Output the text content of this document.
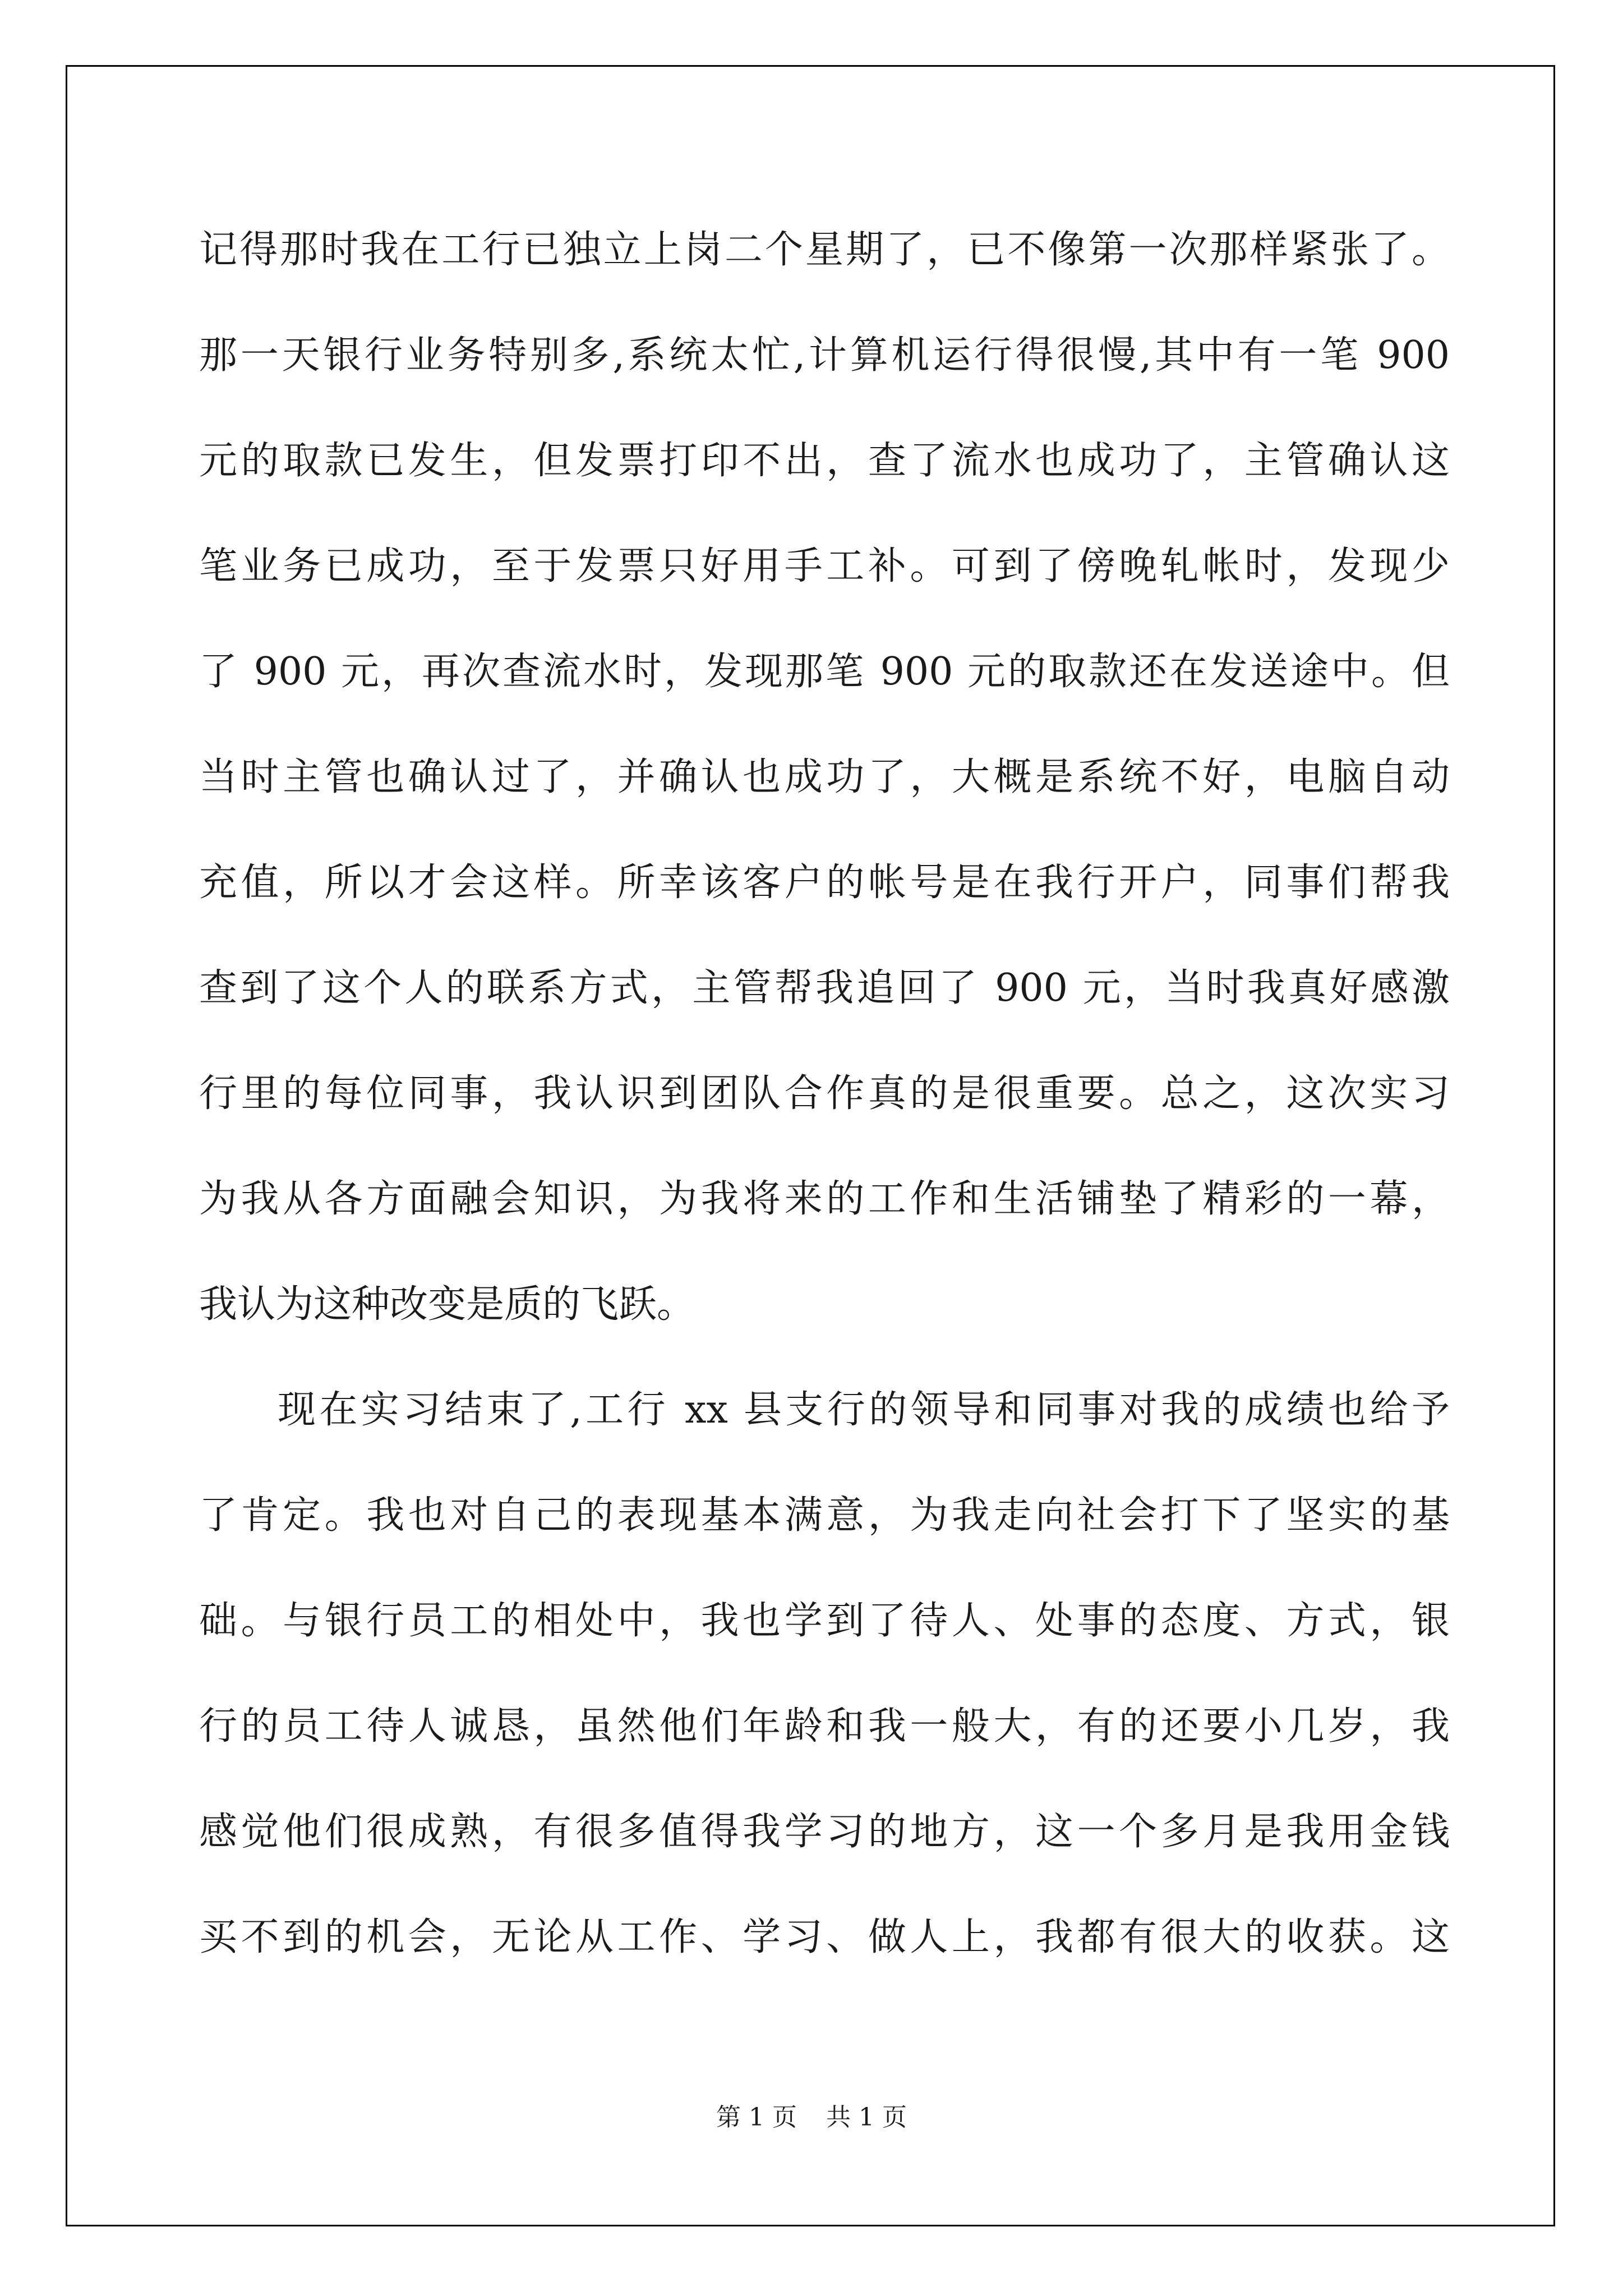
记得那时我在工行已独立上岗二个星期了，已不像第一次那样紧张了。
那一天银行业务特别多,系统太忙,计算机运行得很慢,其中有一笔 900
元的取款已发生，但发票打印不出，查了流水也成功了，主管确认这
笔业务已成功，至于发票只好用手工补。可到了傍晚轧帐时，发现少
了 900 元，再次查流水时，发现那笔 900 元的取款还在发送途中。但
当时主管也确认过了，并确认也成功了，大概是系统不好，电脑自动
充值，所以才会这样。所幸该客户的帐号是在我行开户，同事们帮我
查到了这个人的联系方式，主管帮我追回了 900 元，当时我真好感激
行里的每位同事，我认识到团队合作真的是很重要。总之，这次实习
为我从各方面融会知识，为我将来的工作和生活铺垫了精彩的一幕，
我认为这种改变是质的飞跃。
现在实习结束了,工行 xx 县支行的领导和同事对我的成绩也给予
了肯定。我也对自己的表现基本满意，为我走向社会打下了坚实的基
础。与银行员工的相处中，我也学到了待人、处事的态度、方式，银
行的员工待人诚恳，虽然他们年龄和我一般大，有的还要小几岁，我
感觉他们很成熟，有很多值得我学习的地方，这一个多月是我用金钱
买不到的机会，无论从工作、学习、做人上，我都有很大的收获。这
第 1 页 共 1 页
